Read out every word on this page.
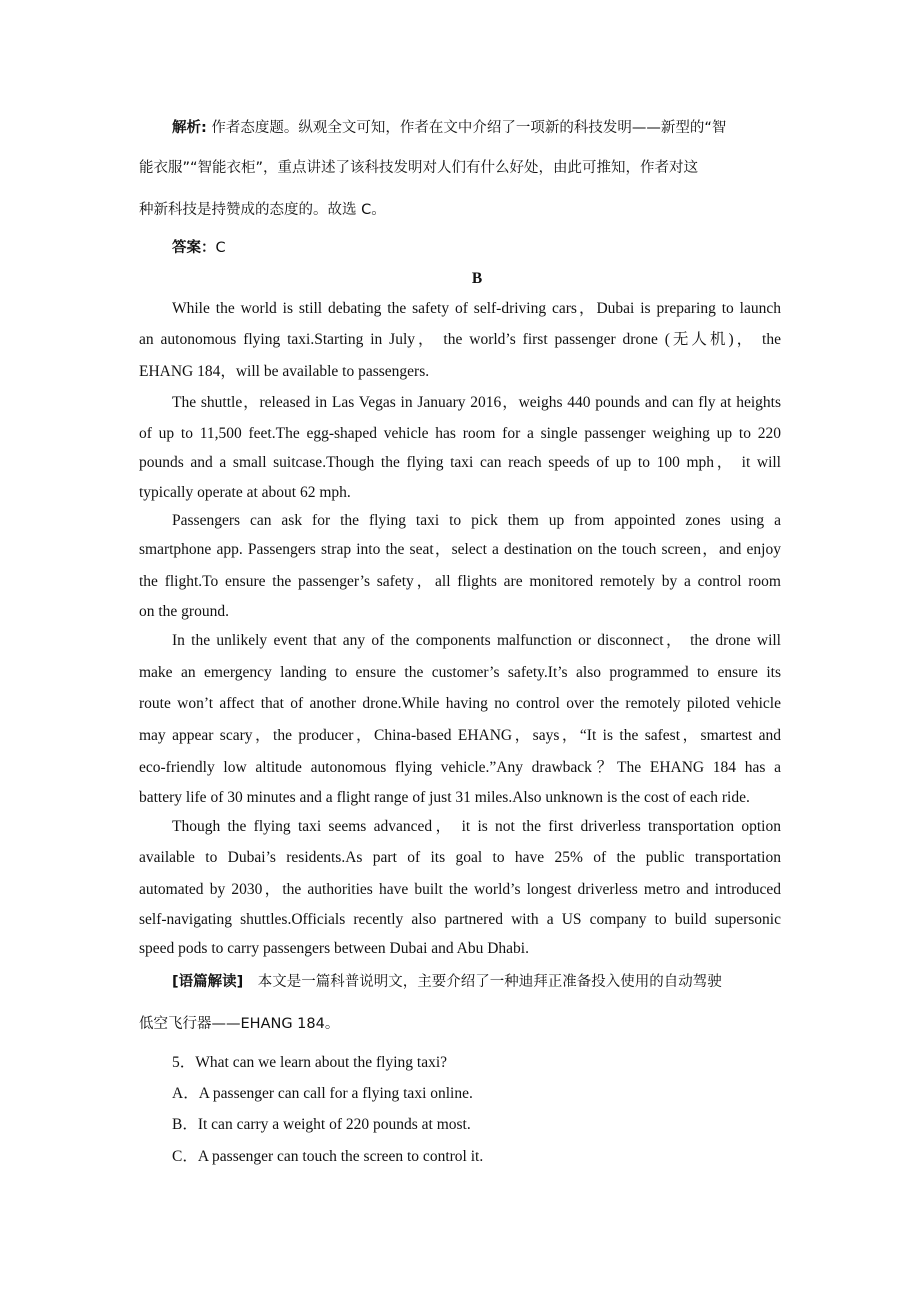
解析: 作者态度题。纵观全文可知，作者在文中介绍了一项新的科技发明——新型的“智
能衣服”“智能衣柜”，重点讲述了该科技发明对人们有什么好处，由此可推知，作者对这
种新科技是持赞成的态度的。故选 C。
答案：C
B
While the world is still debating the safety of self-driving cars，Dubai is preparing to launch
an autonomous flying taxi.Starting in July， the world’s first passenger drone (无人机)， the
EHANG 184，will be available to passengers.
The shuttle，released in Las Vegas in January 2016，weighs 440 pounds and can fly at heights
of up to 11,500 feet.The egg-shaped vehicle has room for a single passenger weighing up to 220
pounds and a small suitcase.Though the flying taxi can reach speeds of up to 100 mph， it will
typically operate at about 62 mph.
Passengers can ask for the flying taxi to pick them up from appointed zones using a
smartphone app. Passengers strap into the seat，select a destination on the touch screen，and enjoy
the flight.To ensure the passenger’s safety，all flights are monitored remotely by a control room
on the ground.
In the unlikely event that any of the components malfunction or disconnect， the drone will
make an emergency landing to ensure the customer’s safety.It’s also programmed to ensure its
route won’t affect that of another drone.While having no control over the remotely piloted vehicle
may appear scary，the producer，China-based EHANG，says，“It is the safest，smartest and
eco-friendly low altitude autonomous flying vehicle.”Any drawback？The EHANG 184 has a
battery life of 30 minutes and a flight range of just 31 miles.Also unknown is the cost of each ride.
Though the flying taxi seems advanced， it is not the first driverless transportation option
available to Dubai’s residents.As part of its goal to have 25% of the public transportation
automated by 2030，the authorities have built the world’s longest driverless metro and introduced
self-navigating shuttles.Officials recently also partnered with a US company to build supersonic
speed pods to carry passengers between Dubai and Abu Dhabi.
[语篇解读]　本文是一篇科普说明文，主要介绍了一种迪拜正准备投入使用的自动驾驶
低空飞行器——EHANG 184。
5．What can we learn about the flying taxi?
A．A passenger can call for a flying taxi online.
B．It can carry a weight of 220 pounds at most.
C．A passenger can touch the screen to control it.
